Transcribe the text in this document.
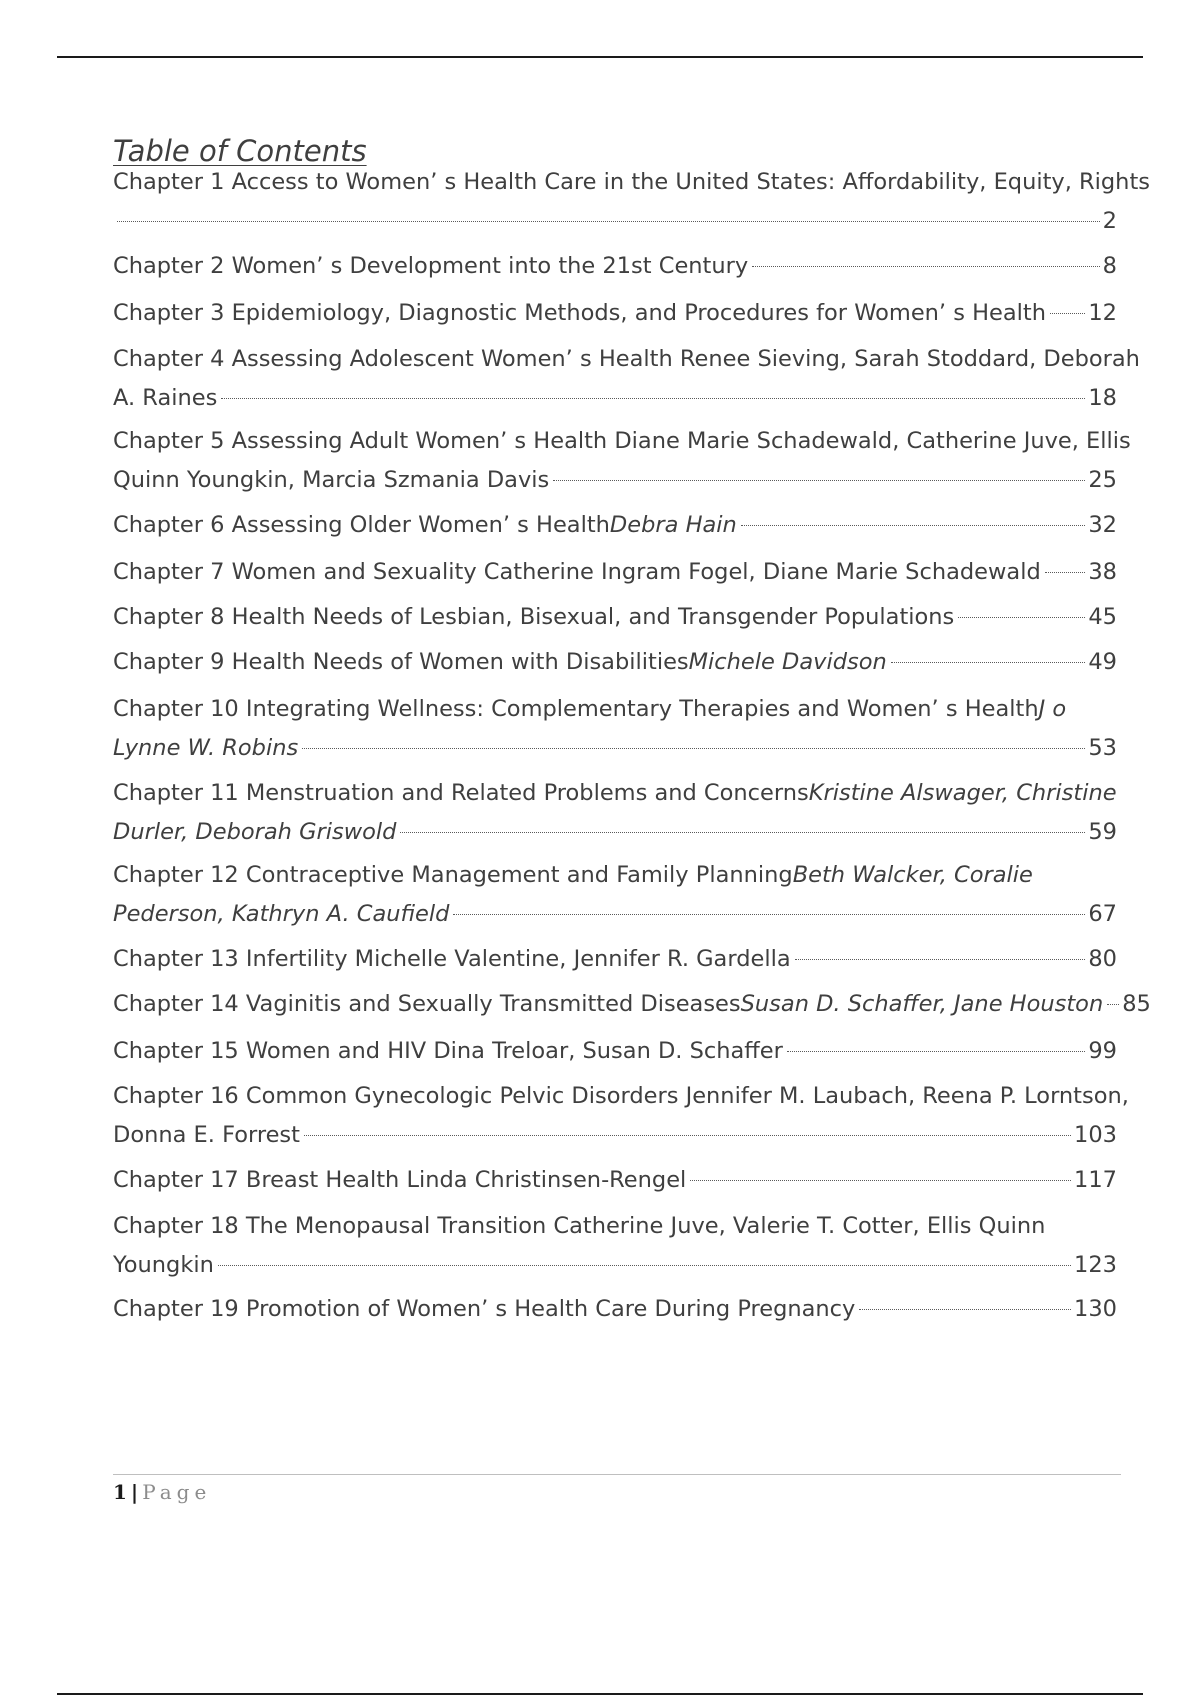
Table of Contents
Chapter 1 Access to Women’ s Health Care in the United States: Affordability, Equity, Rights
2
Chapter 2 Women’ s Development into the 21st Century	8
Chapter 3 Epidemiology, Diagnostic Methods, and Procedures for Women’ s Health 12
Chapter 4 Assessing Adolescent Women’ s Health Renee Sieving, Sarah Stoddard, Deborah
A. Raines	18
Chapter 5 Assessing Adult Women’ s Health Diane Marie Schadewald, Catherine Juve, Ellis
Quinn Youngkin, Marcia Szmania Davis	25
Chapter 6 Assessing Older Women’ s Health Debra Hain	32
Chapter 7 Women and Sexuality Catherine Ingram Fogel, Diane Marie Schadewald 38
Chapter 8 Health Needs of Lesbian, Bisexual, and Transgender Populations	45
Chapter 9 Health Needs of Women with Disabilities Michele Davidson	49
Chapter 10 Integrating Wellness: Complementary Therapies and Women’ s Health J o
Lynne W. Robins	53
Chapter 11 Menstruation and Related Problems and Concerns Kristine Alswager, Christine
Durler, Deborah Griswold	59
Chapter 12 Contraceptive Management and Family Planning Beth Walcker, Coralie
Pederson, Kathryn A. Caufield	67
Chapter 13 Infertility Michelle Valentine, Jennifer R. Gardella	80
Chapter 14 Vaginitis and Sexually Transmitted Diseases Susan D. Schaffer, Jane Houston 85
Chapter 15 Women and HIV Dina Treloar, Susan D. Schaffer	99
Chapter 16 Common Gynecologic Pelvic Disorders Jennifer M. Laubach, Reena P. Lorntson,
Donna E. Forrest	103
Chapter 17 Breast Health Linda Christinsen-Rengel	117
Chapter 18 The Menopausal Transition Catherine Juve, Valerie T. Cotter, Ellis Quinn
Youngkin	123
Chapter 19 Promotion of Women’ s Health Care During Pregnancy	130
1 | Page
